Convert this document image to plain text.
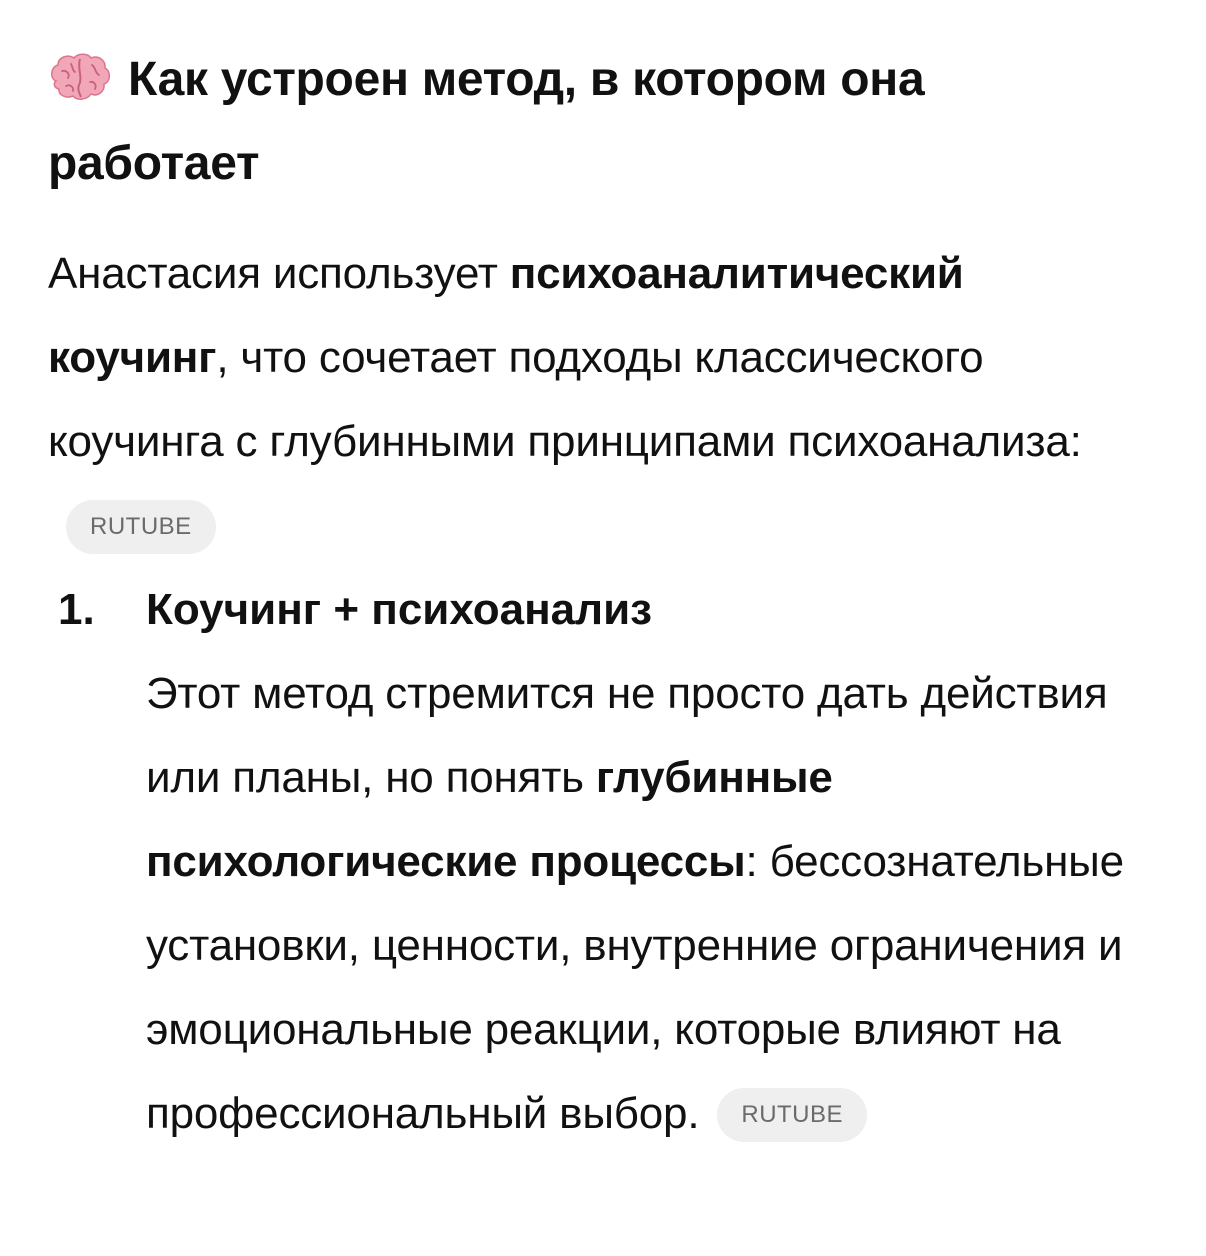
Как устроен метод, в котором она работает

Анастасия использует психоаналитический коучинг, что сочетает подходы классического коучинга с глубинными принципами психоанализа:RUTUBE

1. Коучинг + психоанализ
Этот метод стремится не просто дать действия или планы, но понять глубинные психологические процессы: бессознательные установки, ценности, внутренние ограничения и эмоциональные реакции, которые влияют на профессиональный выбор. RUTUBE
